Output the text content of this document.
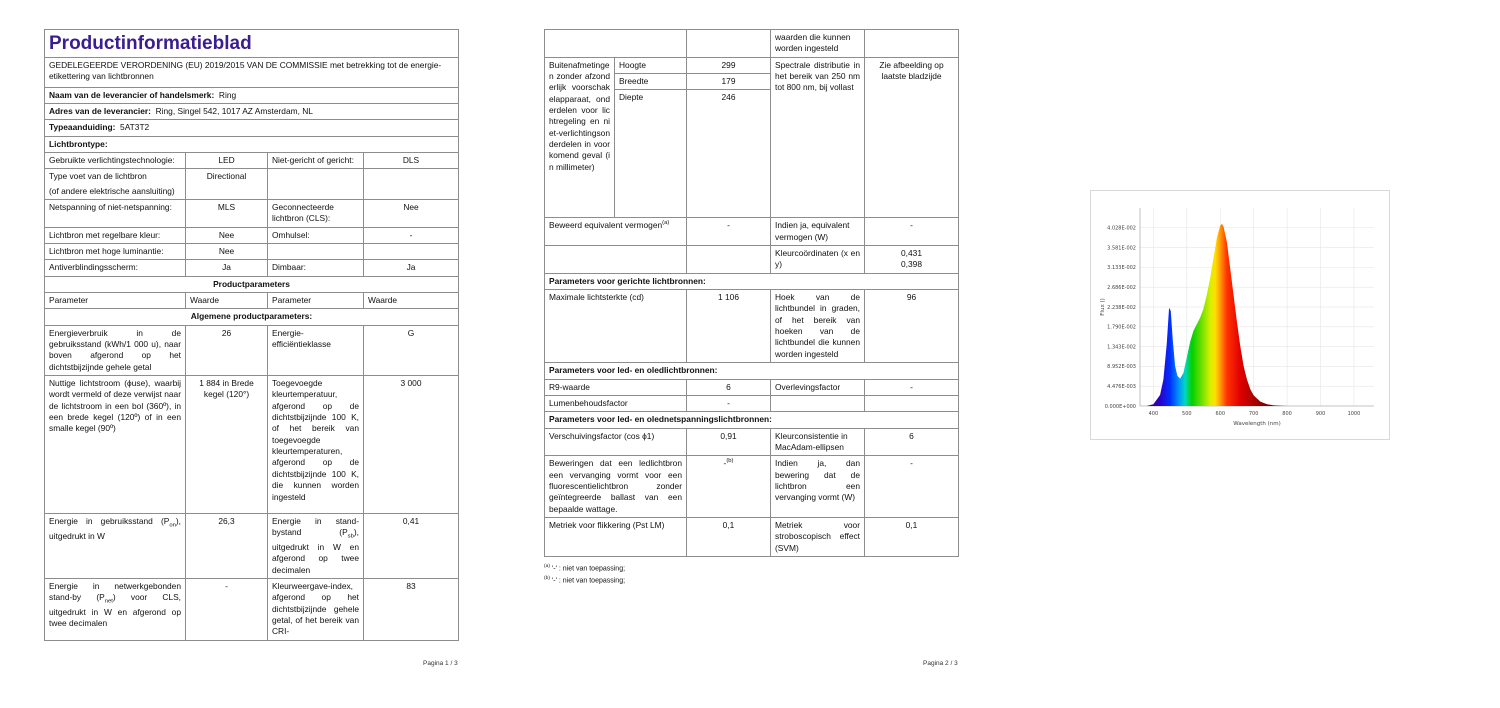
Productinformatieblad			
GEDELEGEERDE VERORDENING (EU) 2019/2015 VAN DE COMMISSIE met betrekking tot de energie-etikettering van lichtbronnen			
Naam van de leverancier of handelsmerk: Ring			
Adres van de leverancier: Ring, Singel 542, 1017 AZ Amsterdam, NL			
Typeaanduiding: 5AT3T2			
Lichtbrontype:			
Gebruikte verlichtingstechnologie:	LED	Niet-gericht of gericht:	DLS
Type voet van de lichtbron

(of andere elektrische aansluiting)	Directional		
Netspanning of niet-netspanning:	MLS	Geconnecteerde lichtbron (CLS):	Nee
Lichtbron met regelbare kleur:	Nee	Omhulsel:	-
Lichtbron met hoge luminantie:	Nee		
Antiverblindingsscherm:	Ja	Dimbaar:	Ja
Productparameters			
Parameter	Waarde	Parameter	Waarde
Algemene productparameters:			
Energieverbruik in de gebruiksstand (kWh/1 000 u), naar boven afgerond op het dichtstbijzijnde gehele getal	26	Energie-efficiëntieklasse	G
Nuttige lichtstroom (ϕuse), waarbij wordt vermeld of deze verwijst naar de lichtstroom in een bol (360º), in een brede kegel (120º) of in een smalle kegel (90º)	1 884 in Brede kegel (120°)	Toegevoegde kleurtemperatuur, afgerond op de dichtstbijzijnde 100 K, of het bereik van toegevoegde kleurtemperaturen, afgerond op de dichtstbijzijnde 100 K, die kunnen worden ingesteld	3 000
Energie in gebruiksstand $(P_{on})$, uitgedrukt in W	26,3	Energie in stand-bystand $(P_{sb})$, uitgedrukt in W en afgerond op twee decimalen	0,41
Energie in netwerkgebonden stand-by $(P_{net})$ voor CLS, uitgedrukt in W en afgerond op twee decimalen	-	Kleurweergave-index, afgerond op het dichtstbijzijnde gehele getal, of het bereik van CRI-	83
Pagina 1 / 3
			waarden die kunnen worden ingesteld	
Buitenafmetingen zonder afzonderlijk voorschakelapparaat, onderdelen voor lichtregeling en niet-verlichtingsonderdelen in voorkomend geval (in millimeter)	Hoogte	299	Spectrale distributie in het bereik van 250 nm tot 800 nm, bij vollast	Zie afbeelding op laatste bladzijde
	Breedte	179		
	Diepte	246		
Beweerd equivalent vermogen$^{(a)}$		-	Indien ja, equivalent vermogen (W)	-
			Kleurcoördinaten (x en y)	0,431
0,398
Parameters voor gerichte lichtbronnen:				
Maximale lichtsterkte (cd)		1 106	Hoek van de lichtbundel in graden, of het bereik van hoeken van de lichtbundel die kunnen worden ingesteld	96
Parameters voor led- en oledlichtbronnen:				
R9-waarde		6	Overlevingsfactor	-
Lumenbehoudsfactor		-		
Parameters voor led- en olednetspanningslichtbronnen:				
Verschuivingsfactor (cos ϕ1)		0,91	Kleurconsistentie in MacAdam-ellipsen	6
Beweringen dat een ledlichtbron een vervanging vormt voor een fluorescentielichtbron zonder geïntegreerde ballast van een bepaalde wattage.		-$^{(b)}$	Indien ja, dan bewering dat de lichtbron een vervanging vormt (W)	-
Metriek voor flikkering (Pst LM)		0,1	Metriek voor stroboscopisch effect (SVM)	0,1
$^{(a)}$ '-' : niet van toepassing;
$^{(b)}$ '-' : niet van toepassing;
Pagina 2 / 3
0.000E+000
4.476E-003
8.952E-003
1.343E-002
1.790E-002
2.238E-002
2.686E-002
3.133E-002
3.581E-002
4.028E-002
400	500	600	700	800	900	1000
Wavelength (nm)
Flux ()
